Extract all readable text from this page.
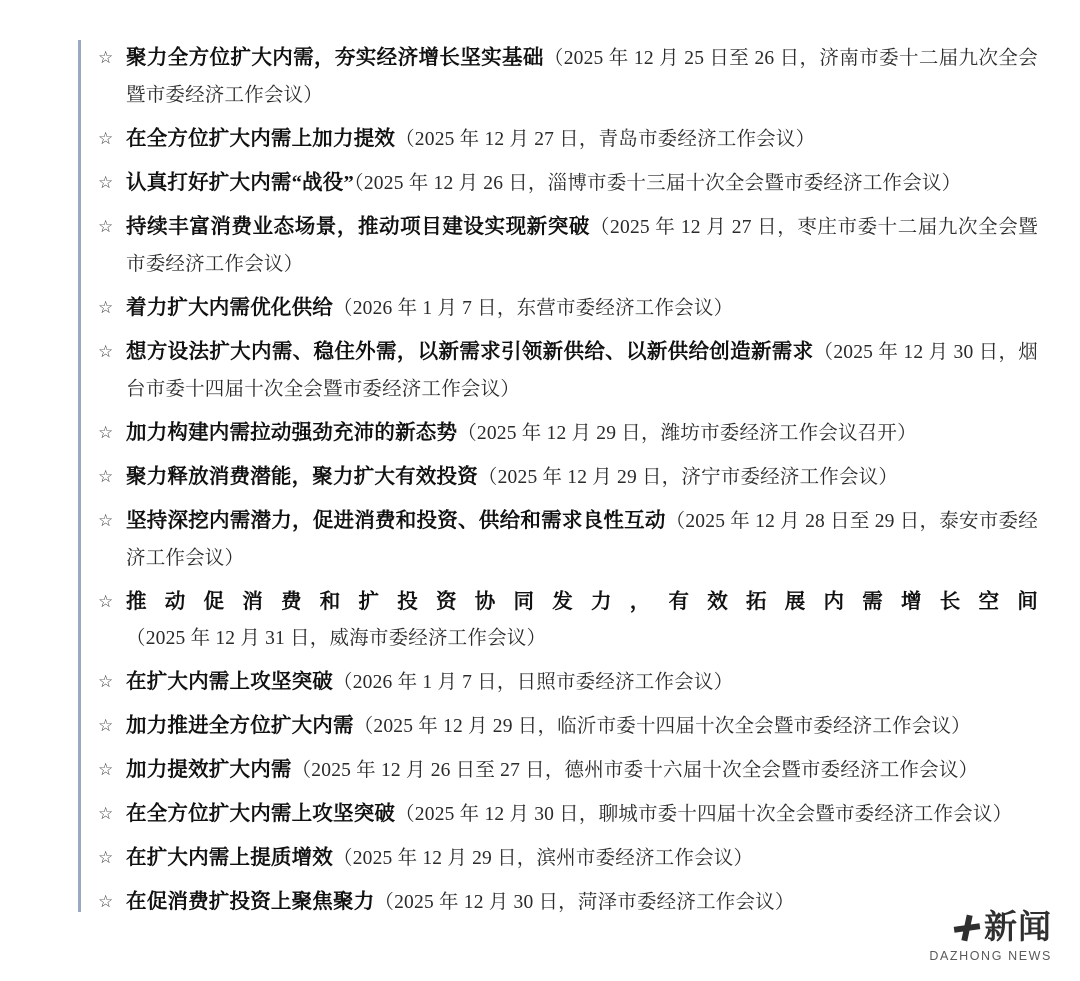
☆ 聚力全方位扩大内需，夯实经济增长坚实基础（2025 年 12 月 25 日至 26 日，济南市委十二届九次全会暨市委经济工作会议）
☆ 在全方位扩大内需上加力提效（2025 年 12 月 27 日，青岛市委经济工作会议）
☆ 认真打好扩大内需“战役”（2025 年 12 月 26 日，淄博市委十三届十次全会暨市委经济工作会议）
☆ 持续丰富消费业态场景，推动项目建设实现新突破（2025 年 12 月 27 日，枣庄市委十二届九次全会暨市委经济工作会议）
☆ 着力扩大内需优化供给（2026 年 1 月 7 日，东营市委经济工作会议）
☆ 想方设法扩大内需、稳住外需，以新需求引领新供给、以新供给创造新需求（2025 年 12 月 30 日，烟台市委十四届十次全会暨市委经济工作会议）
☆ 加力构建内需拉动强劲充沛的新态势（2025 年 12 月 29 日，潍坊市委经济工作会议召开）
☆ 聚力释放消费潜能，聚力扩大有效投资（2025 年 12 月 29 日，济宁市委经济工作会议）
☆ 坚持深挖内需潜力，促进消费和投资、供给和需求良性互动（2025 年 12 月 28 日至 29 日，泰安市委经济工作会议）
☆ 推动促消费和扩投资协同发力，有效拓展内需增长空间（2025 年 12 月 31 日，威海市委经济工作会议）
☆ 在扩大内需上攻坚突破（2026 年 1 月 7 日，日照市委经济工作会议）
☆ 加力推进全方位扩大内需（2025 年 12 月 29 日，临沂市委十四届十次全会暨市委经济工作会议）
☆ 加力提效扩大内需（2025 年 12 月 26 日至 27 日，德州市委十六届十次全会暨市委经济工作会议）
☆ 在全方位扩大内需上攻坚突破（2025 年 12 月 30 日，聊城市委十四届十次全会暨市委经济工作会议）
☆ 在扩大内需上提质增效（2025 年 12 月 29 日，滨州市委经济工作会议）
☆ 在促消费扩投资上聚焦聚力（2025 年 12 月 30 日，菏泽市委经济工作会议）
新闻
DAZHONG NEWS
